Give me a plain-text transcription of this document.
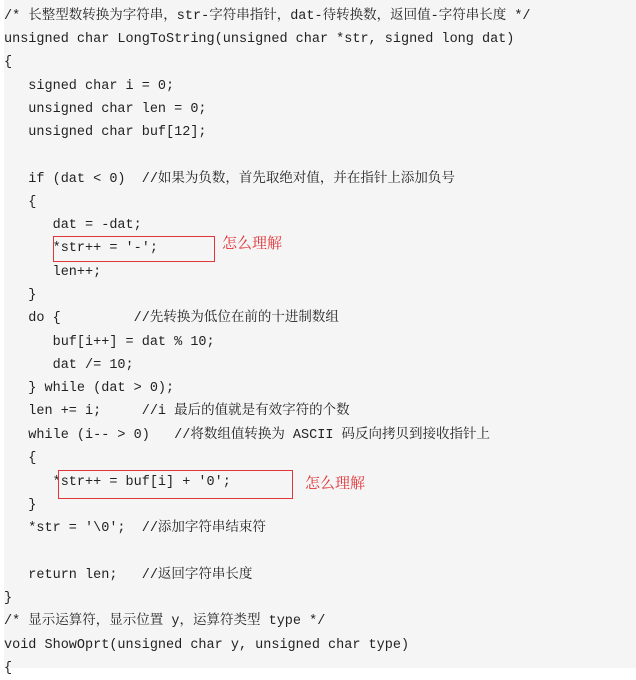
/* 长整型数转换为字符串，str-字符串指针，dat-待转换数，返回值-字符串长度 */
unsigned char LongToString(unsigned char *str, signed long dat)
{
signed char i = 0;
unsigned char len = 0;
unsigned char buf[12];
if (dat < 0)  //如果为负数，首先取绝对值，并在指针上添加负号
{
dat = -dat;
*str++ = '-';
len++;
}
do {         //先转换为低位在前的十进制数组
buf[i++] = dat % 10;
dat /= 10;
} while (dat > 0);
len += i;     //i 最后的值就是有效字符的个数
while (i-- > 0)   //将数组值转换为 ASCII 码反向拷贝到接收指针上
{
*str++ = buf[i] + '0';
}
*str = '\0';  //添加字符串结束符
return len;   //返回字符串长度
}
/* 显示运算符，显示位置 y，运算符类型 type */
void ShowOprt(unsigned char y, unsigned char type)
{
怎么理解
怎么理解
